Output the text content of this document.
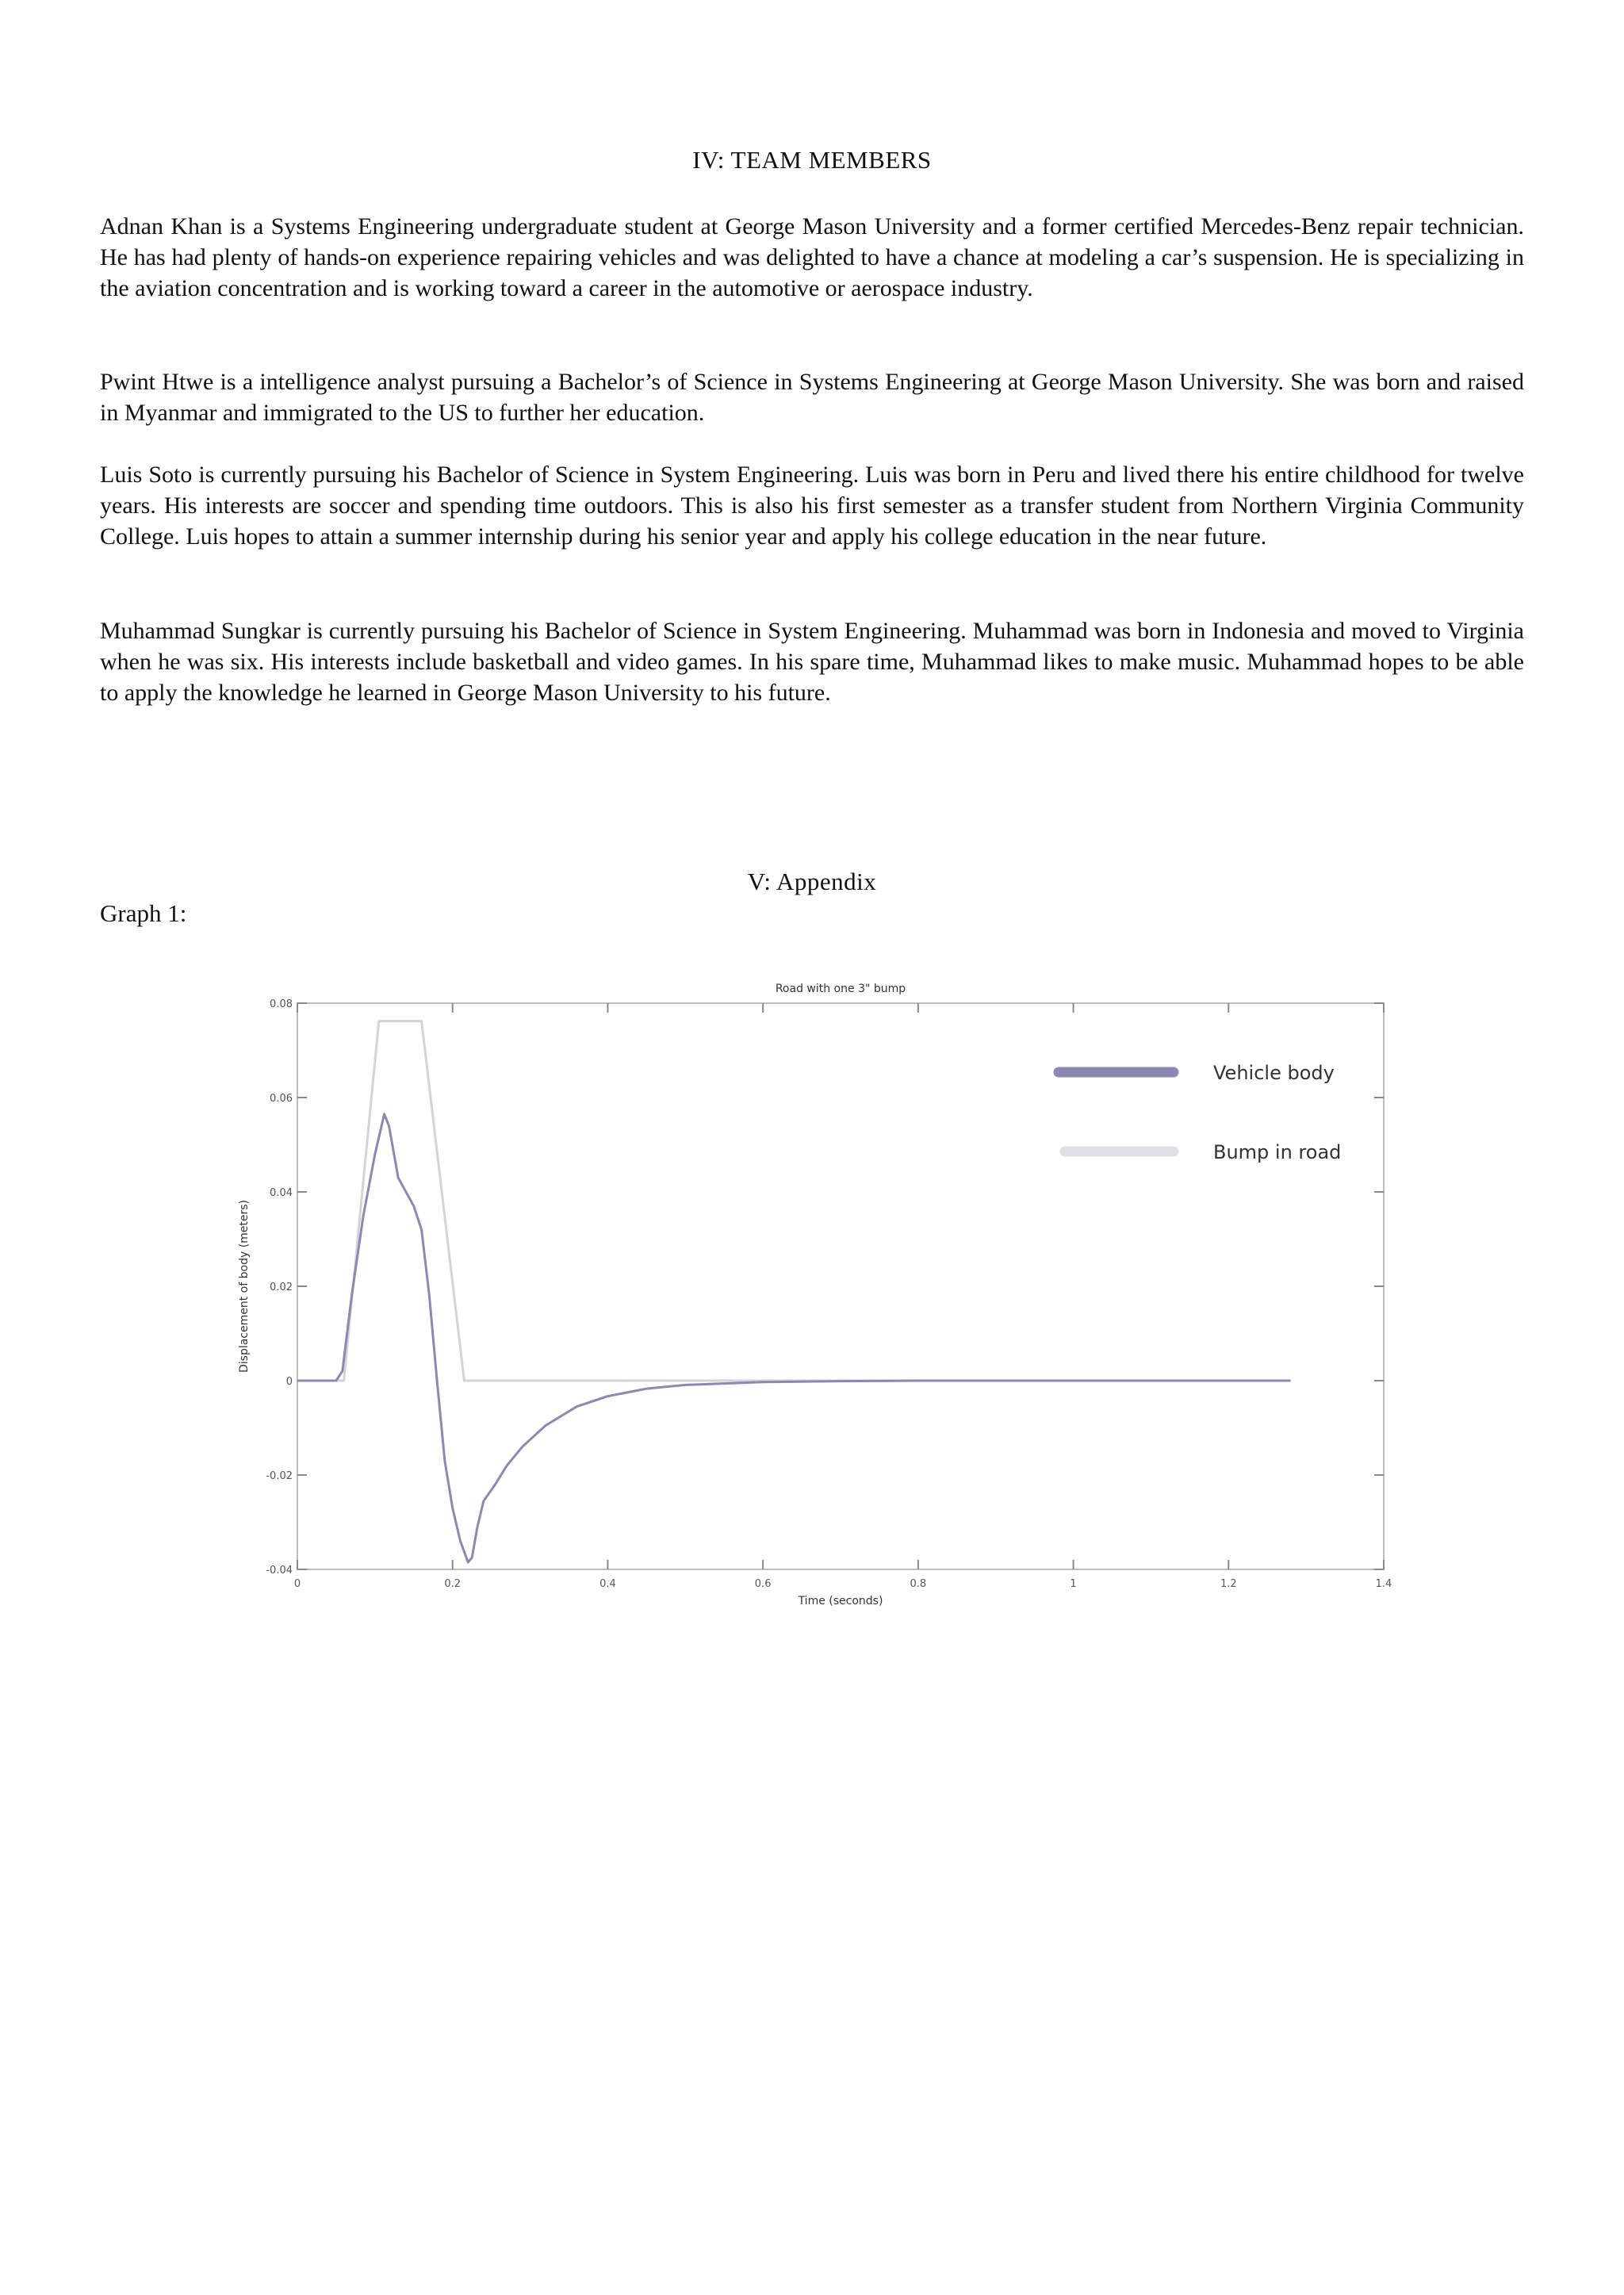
IV: TEAM MEMBERS

Adnan Khan is a Systems Engineering undergraduate student at George Mason University and a former certified Mercedes-Benz repair technician. He has had plenty of hands-on experience repairing vehicles and was delighted to have a chance at modeling a car’s suspension. He is specializing in the aviation concentration and is working toward a career in the automotive or aerospace industry.

Pwint Htwe is a intelligence analyst pursuing a Bachelor’s of Science in Systems Engineering at George Mason University. She was born and raised in Myanmar and immigrated to the US to further her education.

Luis Soto is currently pursuing his Bachelor of Science in System Engineering. Luis was born in Peru and lived there his entire childhood for twelve years. His interests are soccer and spending time outdoors. This is also his first semester as a transfer student from Northern Virginia Community College. Luis hopes to attain a summer internship during his senior year and apply his college education in the near future.

Muhammad Sungkar is currently pursuing his Bachelor of Science in System Engineering. Muhammad was born in Indonesia and moved to Virginia when he was six. His interests include basketball and video games. In his spare time, Muhammad likes to make music. Muhammad hopes to be able to apply the knowledge he learned in George Mason University to his future.

V: Appendix
Graph 1:
Road with one 3" bump
0	0.2	0.4	0.6	0.8	1	1.2	1.4
0.08
0.06
0.04
0.02
0
-0.02
-0.04
Vehicle body
Bump in road
Time (seconds)
Displacement of body (meters)
